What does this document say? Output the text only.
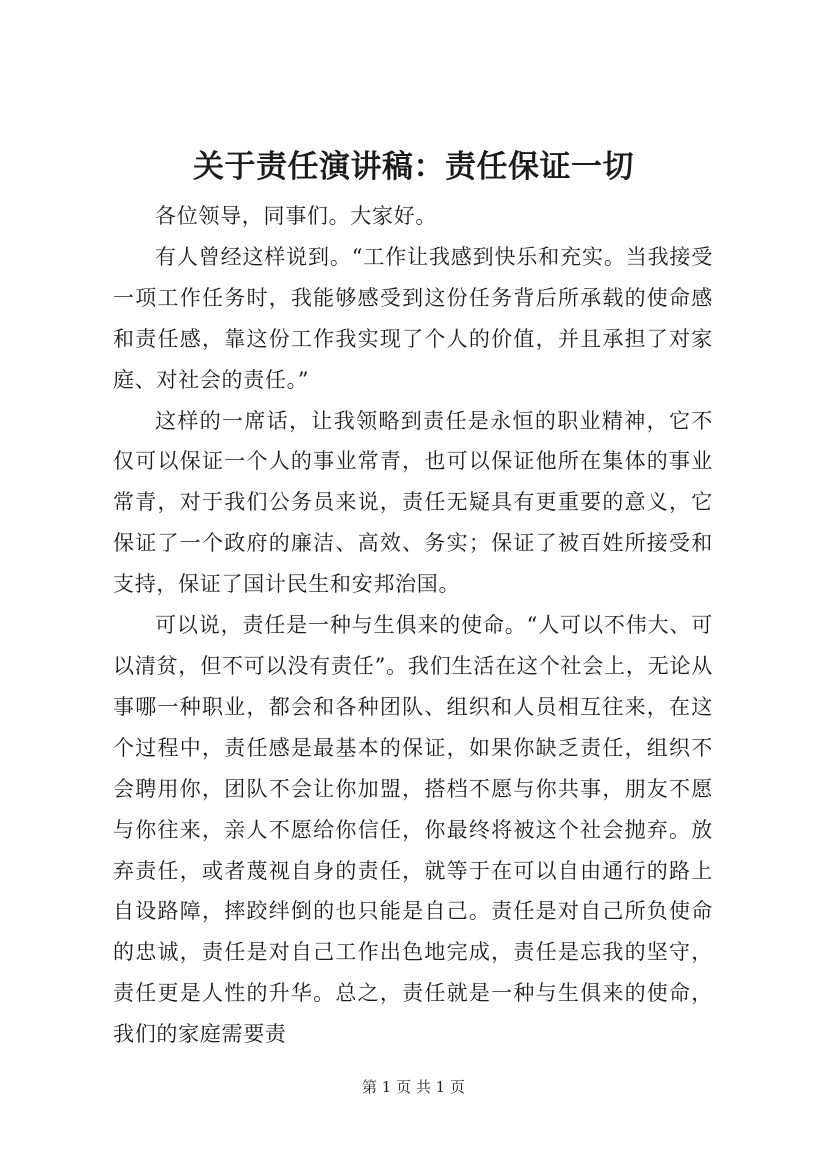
关于责任演讲稿：责任保证一切

各位领导，同事们。大家好。

有人曾经这样说到。“工作让我感到快乐和充实。当我接受一项工作任务时，我能够感受到这份任务背后所承载的使命感和责任感，靠这份工作我实现了个人的价值，并且承担了对家庭、对社会的责任。”

这样的一席话，让我领略到责任是永恒的职业精神，它不仅可以保证一个人的事业常青，也可以保证他所在集体的事业常青，对于我们公务员来说，责任无疑具有更重要的意义，它保证了一个政府的廉洁、高效、务实；保证了被百姓所接受和支持，保证了国计民生和安邦治国。

可以说，责任是一种与生俱来的使命。“人可以不伟大、可以清贫，但不可以没有责任”。我们生活在这个社会上，无论从事哪一种职业，都会和各种团队、组织和人员相互往来，在这个过程中，责任感是最基本的保证，如果你缺乏责任，组织不会聘用你，团队不会让你加盟，搭档不愿与你共事，朋友不愿与你往来，亲人不愿给你信任，你最终将被这个社会抛弃。放弃责任，或者蔑视自身的责任，就等于在可以自由通行的路上自设路障，摔跤绊倒的也只能是自己。责任是对自己所负使命的忠诚，责任是对自己工作出色地完成，责任是忘我的坚守，责任更是人性的升华。总之，责任就是一种与生俱来的使命，我们的家庭需要责

第 1 页 共 1 页
